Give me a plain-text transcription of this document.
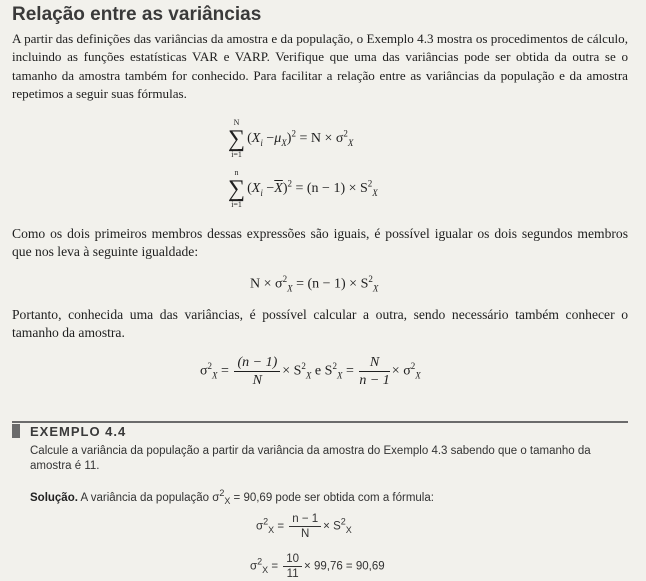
Relação entre as variâncias

A partir das definições das variâncias da amostra e da população, o Exemplo 4.3 mostra os procedimentos de cálculo, incluindo as funções estatísticas VAR e VARP. Verifique que uma das variâncias pode ser obtida da outra se o tamanho da amostra também for conhecido. Para facilitar a relação entre as variâncias da população e da amostra repetimos a seguir suas fórmulas.

N
∑
i=1
$(X_i -\mu_X)^2 = N \times \sigma^2_X$
n
∑
i=1
$(X_i -\overline{X})^2 = (n - 1) \times S^2_X$

Como os dois primeiros membros dessas expressões são iguais, é possível igualar os dois segundos membros que nos leva à seguinte igualdade:

$N \times \sigma^2_X = (n - 1) \times S^2_X$

Portanto, conhecida uma das variâncias, é possível calcular a outra, sendo necessário também conhecer o tamanho da amostra.

$\sigma^2_X = \frac{(n - 1)}{N} \times S^2_X$ e $S^2_X = \frac{N}{n - 1} \times \sigma^2_X$
EXEMPLO 4.4

Calcule a variância da população a partir da variância da amostra do Exemplo 4.3 sabendo que o tamanho da amostra é 11.

Solução. A variância da população $\sigma^2_X = 90,69$ pode ser obtida com a fórmula:

$\sigma^2_X = \frac{n - 1}{N} \times S^2_X$
$\sigma^2_X = \frac{10}{11} \times 99,76 = 90,69$
